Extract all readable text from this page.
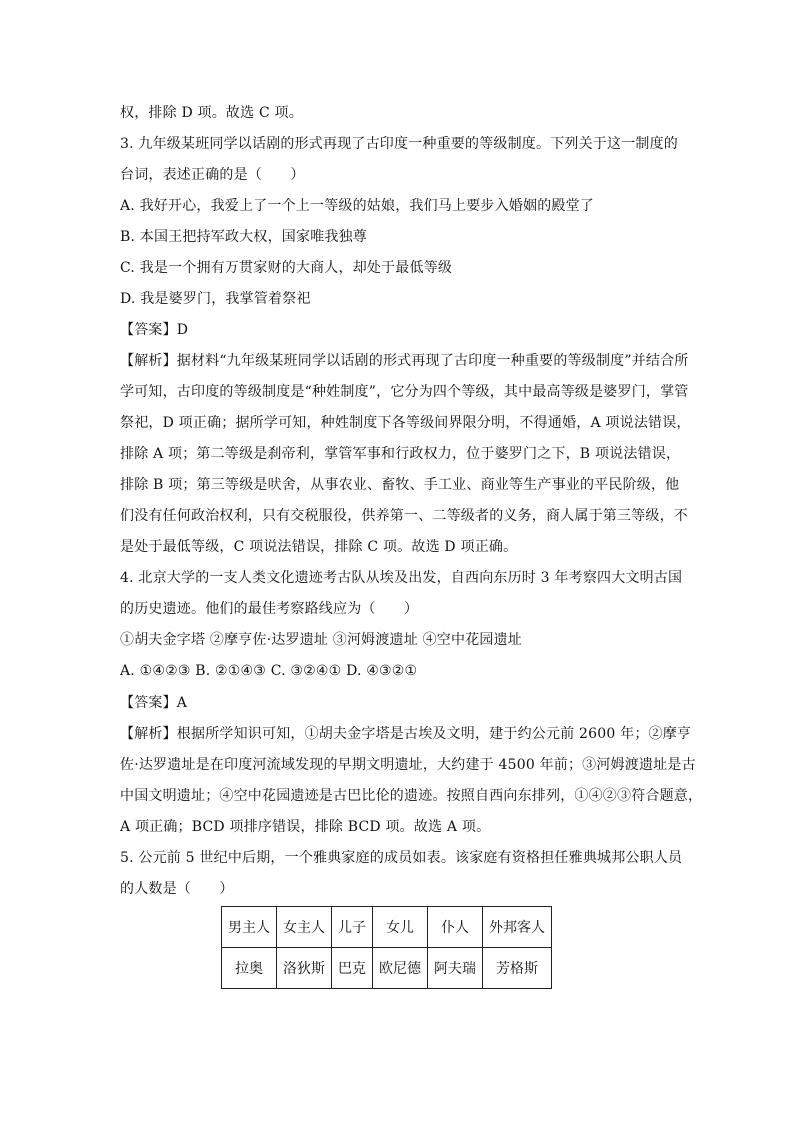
权，排除 D 项。故选 C 项。
3. 九年级某班同学以话剧的形式再现了古印度一种重要的等级制度。下列关于这一制度的
台词，表述正确的是（　　）
A. 我好开心，我爱上了一个上一等级的姑娘，我们马上要步入婚姻的殿堂了
B. 本国王把持军政大权，国家唯我独尊
C. 我是一个拥有万贯家财的大商人，却处于最低等级
D. 我是婆罗门，我掌管着祭祀
【答案】D
【解析】据材料“九年级某班同学以话剧的形式再现了古印度一种重要的等级制度”并结合所
学可知，古印度的等级制度是“种姓制度”，它分为四个等级，其中最高等级是婆罗门，掌管
祭祀，D 项正确；据所学可知，种姓制度下各等级间界限分明，不得通婚，A 项说法错误，
排除 A 项；第二等级是刹帝利，掌管军事和行政权力，位于婆罗门之下，B 项说法错误，
排除 B 项；第三等级是吠舍，从事农业、畜牧、手工业、商业等生产事业的平民阶级，他
们没有任何政治权利，只有交税服役，供养第一、二等级者的义务，商人属于第三等级，不
是处于最低等级，C 项说法错误，排除 C 项。故选 D 项正确。
4. 北京大学的一支人类文化遗迹考古队从埃及出发，自西向东历时 3 年考察四大文明古国
的历史遗迹。他们的最佳考察路线应为（　　）
①胡夫金字塔 ②摩亨佐·达罗遗址 ③河姆渡遗址 ④空中花园遗址
A. ①④②③ B. ②①④③ C. ③②④① D. ④③②①
【答案】A
【解析】根据所学知识可知，①胡夫金字塔是古埃及文明，建于约公元前 2600 年；②摩亨
佐·达罗遗址是在印度河流域发现的早期文明遗址，大约建于 4500 年前；③河姆渡遗址是古
中国文明遗址；④空中花园遗迹是古巴比伦的遗迹。按照自西向东排列，①④②③符合题意，
A 项正确；BCD 项排序错误，排除 BCD 项。故选 A 项。
5. 公元前 5 世纪中后期，一个雅典家庭的成员如表。该家庭有资格担任雅典城邦公职人员
的人数是（　　）
男主人	女主人	儿子	女儿	仆人	外邦客人
拉奥	洛狄斯	巴克	欧尼德	阿夫瑞	芳格斯
